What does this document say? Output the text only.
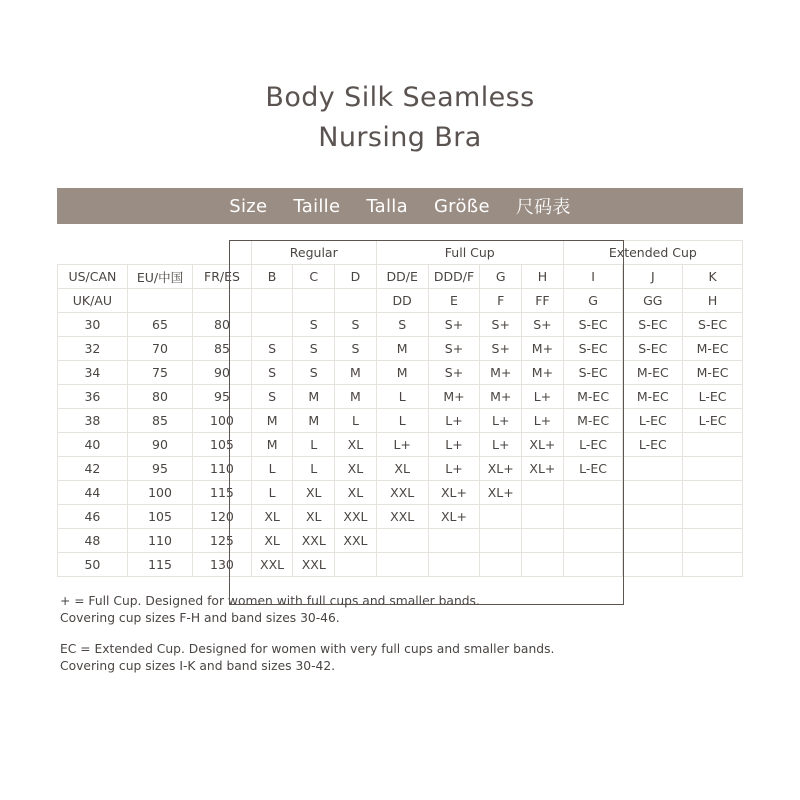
Body Silk Seamless
Nursing Bra
Size Taille Talla Größe 尺码表
			Regular			Full Cup				Extended Cup		
US/CAN	EU/中国	FR/ES	B	C	D	DD/E	DDD/F	G	H	I	J	K
UK/AU						DD	E	F	FF	G	GG	H
30	65	80		S	S	S	S+	S+	S+	S-EC	S-EC	S-EC
32	70	85	S	S	S	M	S+	S+	M+	S-EC	S-EC	M-EC
34	75	90	S	S	M	M	S+	M+	M+	S-EC	M-EC	M-EC
36	80	95	S	M	M	L	M+	M+	L+	M-EC	M-EC	L-EC
38	85	100	M	M	L	L	L+	L+	L+	M-EC	L-EC	L-EC
40	90	105	M	L	XL	L+	L+	L+	XL+	L-EC	L-EC	
42	95	110	L	L	XL	XL	L+	XL+	XL+	L-EC		
44	100	115	L	XL	XL	XXL	XL+	XL+				
46	105	120	XL	XL	XXL	XXL	XL+					
48	110	125	XL	XXL	XXL							
50	115	130	XXL	XXL								

+ = Full Cup. Designed for women with full cups and smaller bands.
Covering cup sizes F-H and band sizes 30-46.

EC = Extended Cup. Designed for women with very full cups and smaller bands.
Covering cup sizes I-K and band sizes 30-42.
